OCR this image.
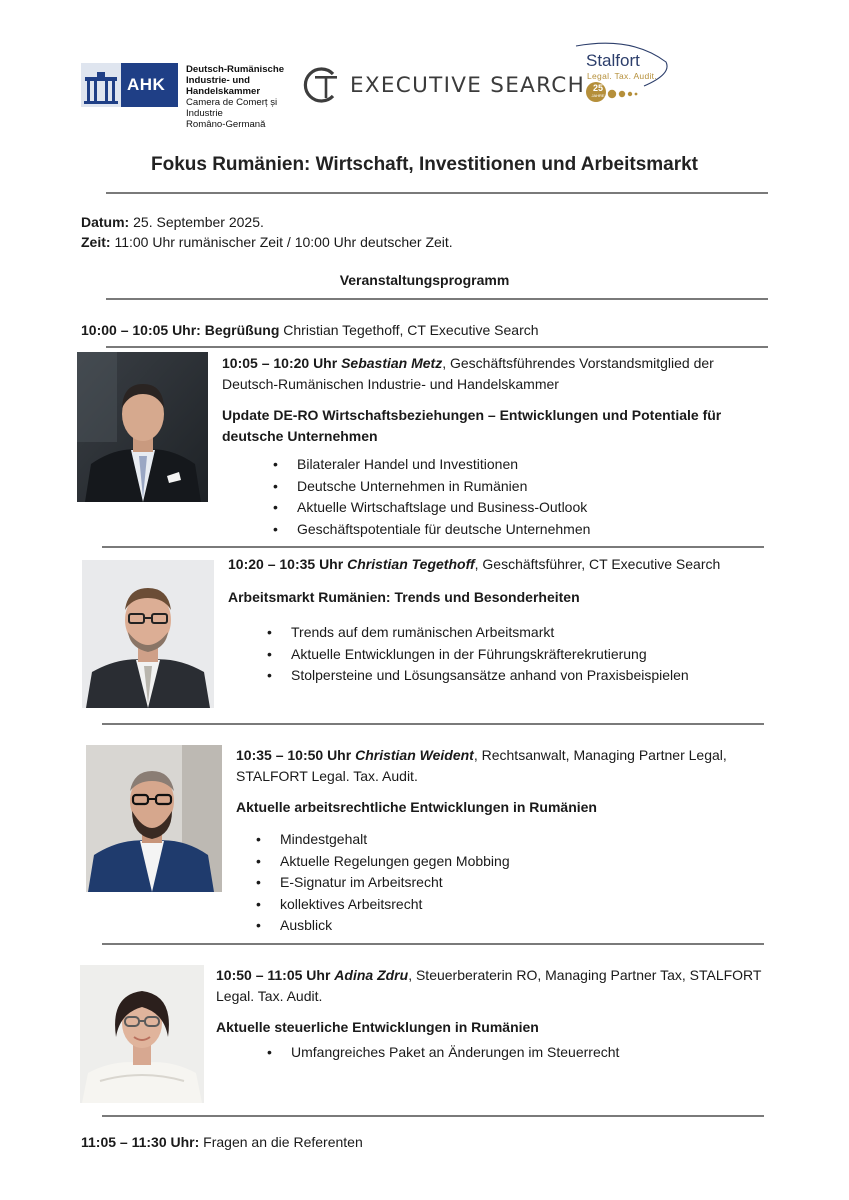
AHK
Deutsch-Rumänische
Industrie- und Handelskammer
Camera de Comerț și Industrie
Româno-Germană
EXECUTIVE SEARCH
Stalfort
Legal. Tax. Audit.
25
JAHRE
Fokus Rumänien: Wirtschaft, Investitionen und Arbeitsmarkt
Datum: 25. September 2025.
Zeit: 11:00 Uhr rumänischer Zeit / 10:00 Uhr deutscher Zeit.
Veranstaltungsprogramm
10:00 – 10:05 Uhr: Begrüßung Christian Tegethoff, CT Executive Search
10:05 – 10:20 Uhr Sebastian Metz, Geschäftsführendes Vorstandsmitglied der
Deutsch-Rumänischen Industrie- und Handelskammer
Update DE-RO Wirtschaftsbeziehungen – Entwicklungen und Potentiale für
deutsche Unternehmen
• Bilateraler Handel und Investitionen
• Deutsche Unternehmen in Rumänien
• Aktuelle Wirtschaftslage und Business-Outlook
• Geschäftspotentiale für deutsche Unternehmen
10:20 – 10:35 Uhr Christian Tegethoff, Geschäftsführer, CT Executive Search
Arbeitsmarkt Rumänien: Trends und Besonderheiten
• Trends auf dem rumänischen Arbeitsmarkt
• Aktuelle Entwicklungen in der Führungskräfterekrutierung
• Stolpersteine und Lösungsansätze anhand von Praxisbeispielen
10:35 – 10:50 Uhr Christian Weident, Rechtsanwalt, Managing Partner Legal,
STALFORT Legal. Tax. Audit.
Aktuelle arbeitsrechtliche Entwicklungen in Rumänien
• Mindestgehalt
• Aktuelle Regelungen gegen Mobbing
• E-Signatur im Arbeitsrecht
• kollektives Arbeitsrecht
• Ausblick
10:50 – 11:05 Uhr Adina Zdru, Steuerberaterin RO, Managing Partner Tax, STALFORT
Legal. Tax. Audit.
Aktuelle steuerliche Entwicklungen in Rumänien
• Umfangreiches Paket an Änderungen im Steuerrecht
11:05 – 11:30 Uhr: Fragen an die Referenten
